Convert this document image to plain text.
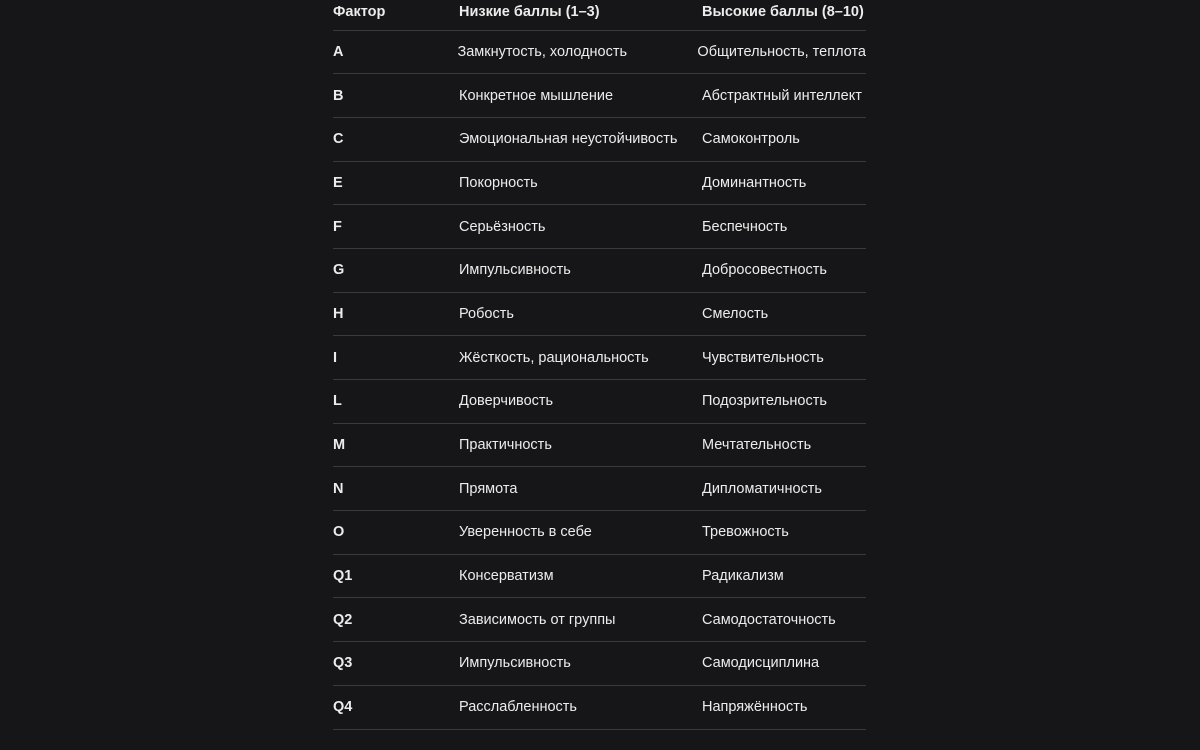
Фактор	Низкие баллы (1–3)	Высокие баллы (8–10)
A	Замкнутость, холодность	Общительность, теплота
B	Конкретное мышление	Абстрактный интеллект
C	Эмоциональная неустойчивость	Самоконтроль
E	Покорность	Доминантность
F	Серьёзность	Беспечность
G	Импульсивность	Добросовестность
H	Робость	Смелость
I	Жёсткость, рациональность	Чувствительность
L	Доверчивость	Подозрительность
M	Практичность	Мечтательность
N	Прямота	Дипломатичность
O	Уверенность в себе	Тревожность
Q1	Консерватизм	Радикализм
Q2	Зависимость от группы	Самодостаточность
Q3	Импульсивность	Самодисциплина
Q4	Расслабленность	Напряжённость
